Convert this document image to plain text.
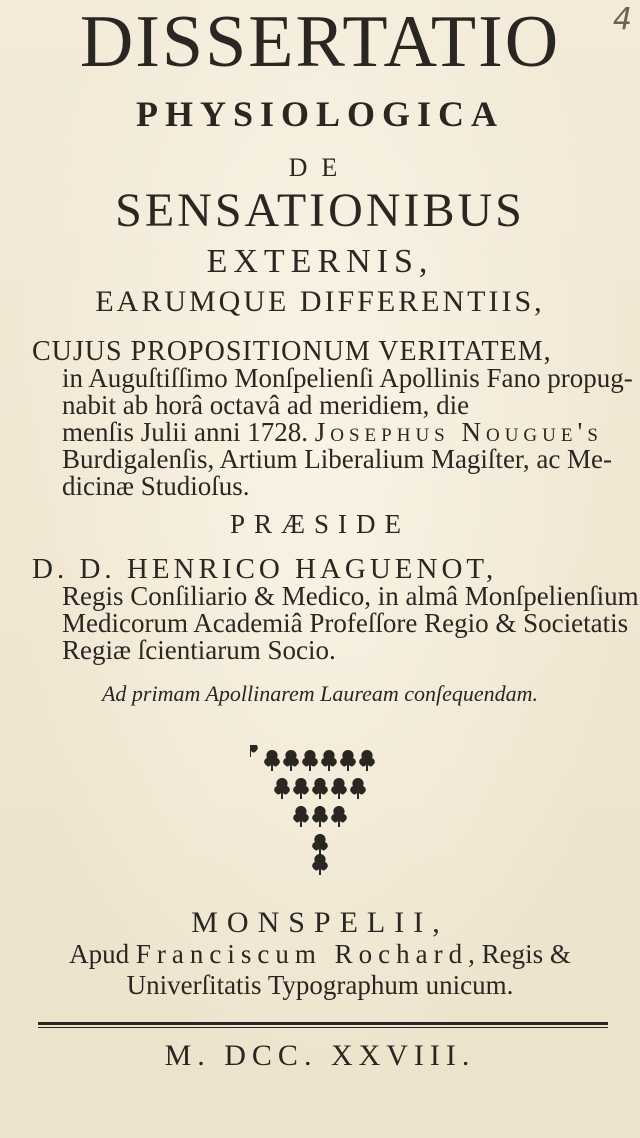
DISSERTATIO	4
PHYSIOLOGICA
DE
SENSATIONIBUS
EXTERNIS,
EARUMQUE DIFFERENTIIS,
CUJUS PROPOSITIONUM VERITATEM,
in Auguſtiſſimo Monſpelienſi Apollinis Fano propug-
nabit ab horâ octavâ ad meridiem, die
menſis Julii anni 1728. Josephus Nougue's
Burdigalenſis, Artium Liberalium Magiſter, ac Me-
dicinæ Studioſus.
PRÆSIDE
D. D. HENRICO HAGUENOT,
Regis Conſiliario & Medico, in almâ Monſpelienſium
Medicorum Academiâ Profeſſore Regio & Societatis
Regiæ ſcientiarum Socio.
Ad primam Apollinarem Lauream conſequendam.
MONSPELII,
Apud Franciscum Rochard, Regis &
Univerſitatis Typographum unicum.
M. DCC. XXVIII.
